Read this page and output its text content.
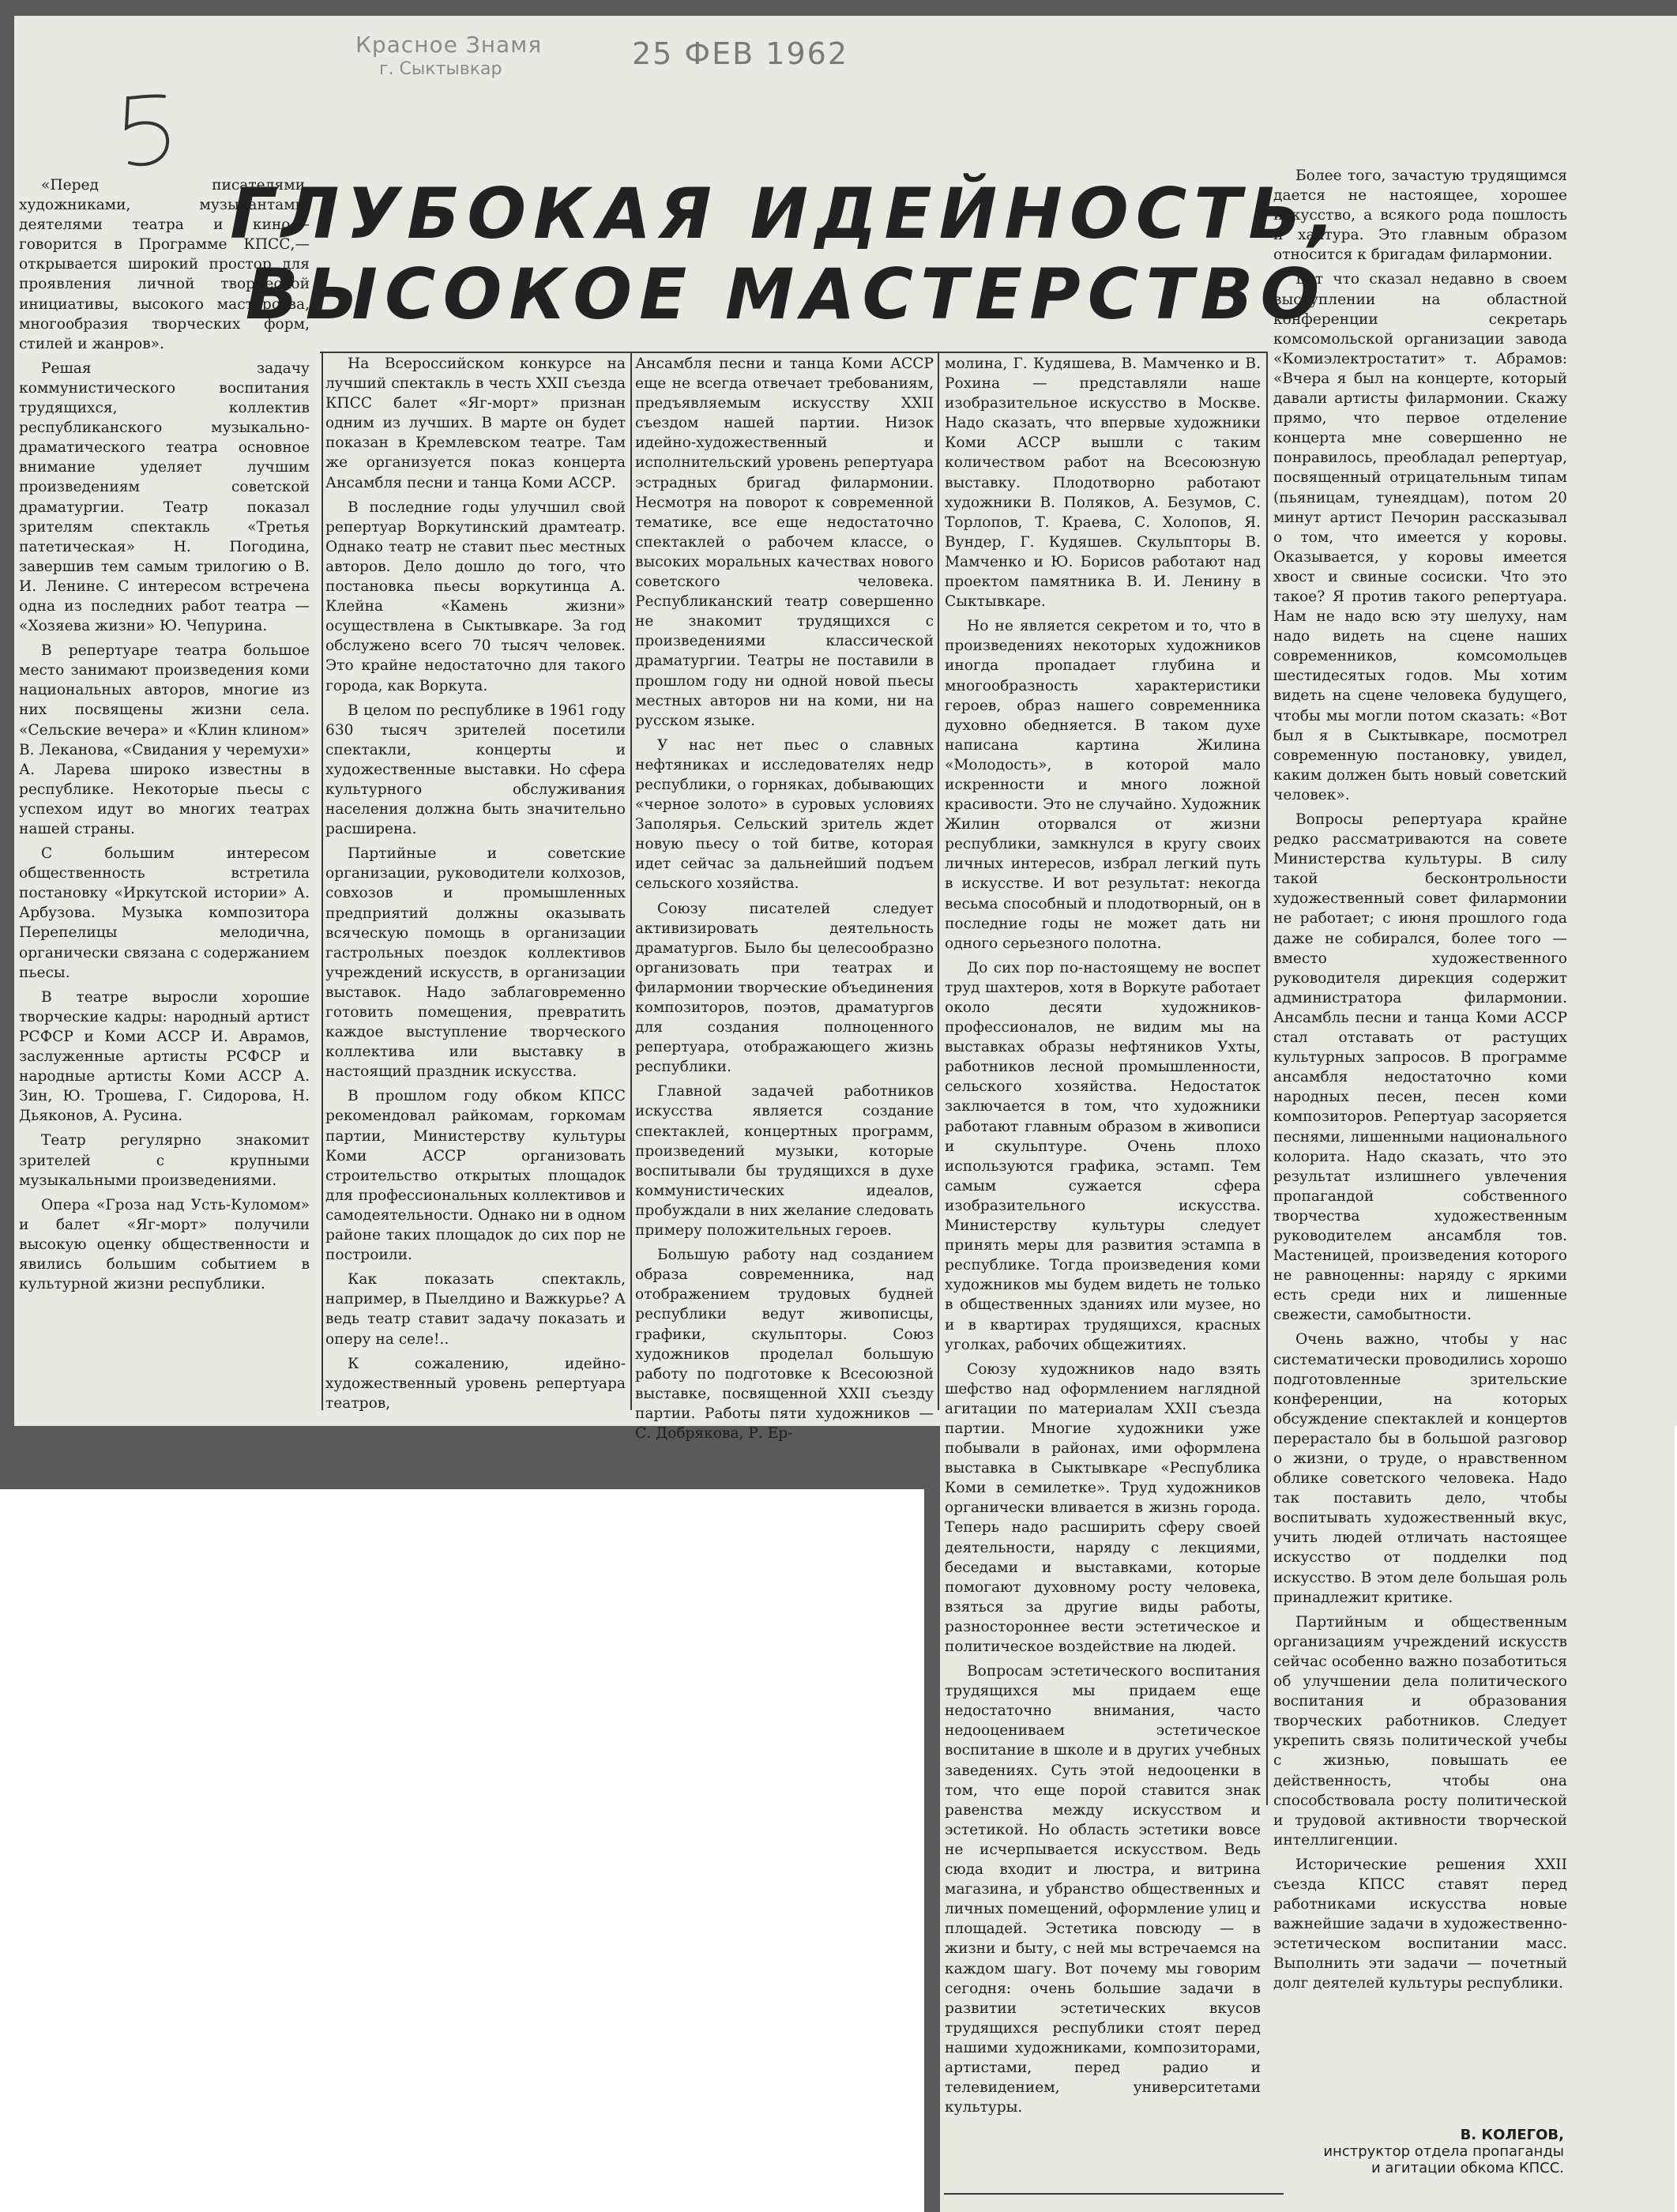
Красное Знамя
г. Сыктывкар	25 ФЕВ 1962
ГЛУБОКАЯ ИДЕЙНОСТЬ,
ВЫСОКОЕ МАСТЕРСТВО

«Перед писателями, художниками, музыкантами, деятелями театра и кино,— говорится в Программе КПСС,— открывается широкий простор для проявления личной творческой инициативы, высокого мастерства, многообразия творческих форм, стилей и жанров».

Решая задачу коммунистического воспитания трудящихся, коллектив республиканского музыкально-драматического театра основное внимание уделяет лучшим произведениям советской драматургии. Театр показал зрителям спектакль «Третья патетическая» Н. Погодина, завершив тем самым трилогию о В. И. Ленине. С интересом встречена одна из последних работ театра — «Хозяева жизни» Ю. Чепурина.

В репертуаре театра большое место занимают произведения коми национальных авторов, многие из них посвящены жизни села. «Сельские вечера» и «Клин клином» В. Леканова, «Свидания у черемухи» А. Ларева широко известны в республике. Некоторые пьесы с успехом идут во многих театрах нашей страны.

С большим интересом общественность встретила постановку «Иркутской истории» А. Арбузова. Музыка композитора Перепелицы мелодична, органически связана с содержанием пьесы.

В театре выросли хорошие творческие кадры: народный артист РСФСР и Коми АССР И. Аврамов, заслуженные артисты РСФСР и народные артисты Коми АССР А. Зин, Ю. Трошева, Г. Сидорова, Н. Дьяконов, А. Русина.

Театр регулярно знакомит зрителей с крупными музыкальными произведениями.

Опера «Гроза над Усть-Куломом» и балет «Яг-морт» получили высокую оценку общественности и явились большим событием в культурной жизни республики.

На Всероссийском конкурсе на лучший спектакль в честь XXII съезда КПСС балет «Яг-морт» признан одним из лучших. В марте он будет показан в Кремлевском театре. Там же организуется показ концерта Ансамбля песни и танца Коми АССР.

В последние годы улучшил свой репертуар Воркутинский драмтеатр. Однако театр не ставит пьес местных авторов. Дело дошло до того, что постановка пьесы воркутинца А. Клейна «Камень жизни» осуществлена в Сыктывкаре. За год обслужено всего 70 тысяч человек. Это крайне недостаточно для такого города, как Воркута.

В целом по республике в 1961 году 630 тысяч зрителей посетили спектакли, концерты и художественные выставки. Но сфера культурного обслуживания населения должна быть значительно расширена.

Партийные и советские организации, руководители колхозов, совхозов и промышленных предприятий должны оказывать всяческую помощь в организации гастрольных поездок коллективов учреждений искусств, в организации выставок. Надо заблаговременно готовить помещения, превратить каждое выступление творческого коллектива или выставку в настоящий праздник искусства.

В прошлом году обком КПСС рекомендовал райкомам, горкомам партии, Министерству культуры Коми АССР организовать строительство открытых площадок для профессиональных коллективов и самодеятельности. Однако ни в одном районе таких площадок до сих пор не построили.

Как показать спектакль, например, в Пыелдино и Важкурье? А ведь театр ставит задачу показать и оперу на селе!..

К сожалению, идейно-художественный уровень репертуара театров,

Ансамбля песни и танца Коми АССР еще не всегда отвечает требованиям, предъявляемым искусству XXII съездом нашей партии. Низок идейно-художественный и исполнительский уровень репертуара эстрадных бригад филармонии. Несмотря на поворот к современной тематике, все еще недостаточно спектаклей о рабочем классе, о высоких моральных качествах нового советского человека. Республиканский театр совершенно не знакомит трудящихся с произведениями классической драматургии. Театры не поставили в прошлом году ни одной новой пьесы местных авторов ни на коми, ни на русском языке.

У нас нет пьес о славных нефтяниках и исследователях недр республики, о горняках, добывающих «черное золото» в суровых условиях Заполярья. Сельский зритель ждет новую пьесу о той битве, которая идет сейчас за дальнейший подъем сельского хозяйства.

Союзу писателей следует активизировать деятельность драматургов. Было бы целесообразно организовать при театрах и филармонии творческие объединения композиторов, поэтов, драматургов для создания полноценного репертуара, отображающего жизнь республики.

Главной задачей работников искусства является создание спектаклей, концертных программ, произведений музыки, которые воспитывали бы трудящихся в духе коммунистических идеалов, пробуждали в них желание следовать примеру положительных героев.

Большую работу над созданием образа современника, над отображением трудовых будней республики ведут живописцы, графики, скульпторы. Союз художников проделал большую работу по подготовке к Всесоюзной выставке, посвященной XXII съезду партии. Работы пяти художников — С. Добрякова, Р. Ер-

молина, Г. Кудяшева, В. Мамченко и В. Рохина — представляли наше изобразительное искусство в Москве. Надо сказать, что впервые художники Коми АССР вышли с таким количеством работ на Всесоюзную выставку. Плодотворно работают художники В. Поляков, А. Безумов, С. Торлопов, Т. Краева, С. Холопов, Я. Вундер, Г. Кудяшев. Скульпторы В. Мамченко и Ю. Борисов работают над проектом памятника В. И. Ленину в Сыктывкаре.

Но не является секретом и то, что в произведениях некоторых художников иногда пропадает глубина и многообразность характеристики героев, образ нашего современника духовно обедняется. В таком духе написана картина Жилина «Молодость», в которой мало искренности и много ложной красивости. Это не случайно. Художник Жилин оторвался от жизни республики, замкнулся в кругу своих личных интересов, избрал легкий путь в искусстве. И вот результат: некогда весьма способный и плодотворный, он в последние годы не может дать ни одного серьезного полотна.

До сих пор по-настоящему не воспет труд шахтеров, хотя в Воркуте работает около десяти художников-профессионалов, не видим мы на выставках образы нефтяников Ухты, работников лесной промышленности, сельского хозяйства. Недостаток заключается в том, что художники работают главным образом в живописи и скульптуре. Очень плохо используются графика, эстамп. Тем самым сужается сфера изобразительного искусства. Министерству культуры следует принять меры для развития эстампа в республике. Тогда произведения коми художников мы будем видеть не только в общественных зданиях или музее, но и в квартирах трудящихся, красных уголках, рабочих общежитиях.

Союзу художников надо взять шефство над оформлением наглядной агитации по материалам XXII съезда партии. Многие художники уже побывали в районах, ими оформлена выставка в Сыктывкаре «Республика Коми в семилетке». Труд художников органически вливается в жизнь города. Теперь надо расширить сферу своей деятельности, наряду с лекциями, беседами и выставками, которые помогают духовному росту человека, взяться за другие виды работы, разностороннее вести эстетическое и политическое воздействие на людей.

Вопросам эстетического воспитания трудящихся мы придаем еще недостаточно внимания, часто недооцениваем эстетическое воспитание в школе и в других учебных заведениях. Суть этой недооценки в том, что еще порой ставится знак равенства между искусством и эстетикой. Но область эстетики вовсе не исчерпывается искусством. Ведь сюда входит и люстра, и витрина магазина, и убранство общественных и личных помещений, оформление улиц и площадей. Эстетика повсюду — в жизни и быту, с ней мы встречаемся на каждом шагу. Вот почему мы говорим сегодня: очень большие задачи в развитии эстетических вкусов трудящихся республики стоят перед нашими художниками, композиторами, артистами, перед радио и телевидением, университетами культуры.

Более того, зачастую трудящимся дается не настоящее, хорошее искусство, а всякого рода пошлость и халтура. Это главным образом относится к бригадам филармонии.

Вот что сказал недавно в своем выступлении на областной конференции секретарь комсомольской организации завода «Комиэлектростатит» т. Абрамов: «Вчера я был на концерте, который давали артисты филармонии. Скажу прямо, что первое отделение концерта мне совершенно не понравилось, преобладал репертуар, посвященный отрицательным типам (пьяницам, тунеядцам), потом 20 минут артист Печорин рассказывал о том, что имеется у коровы. Оказывается, у коровы имеется хвост и свиные сосиски. Что это такое? Я против такого репертуара. Нам не надо всю эту шелуху, нам надо видеть на сцене наших современников, комсомольцев шестидесятых годов. Мы хотим видеть на сцене человека будущего, чтобы мы могли потом сказать: «Вот был я в Сыктывкаре, посмотрел современную постановку, увидел, каким должен быть новый советский человек».

Вопросы репертуара крайне редко рассматриваются на совете Министерства культуры. В силу такой бесконтрольности художественный совет филармонии не работает; с июня прошлого года даже не собирался, более того — вместо художественного руководителя дирекция содержит администратора филармонии. Ансамбль песни и танца Коми АССР стал отставать от растущих культурных запросов. В программе ансамбля недостаточно коми народных песен, песен коми композиторов. Репертуар засоряется песнями, лишенными национального колорита. Надо сказать, что это результат излишнего увлечения пропагандой собственного творчества художественным руководителем ансамбля тов. Мастеницей, произведения которого не равноценны: наряду с яркими есть среди них и лишенные свежести, самобытности.

Очень важно, чтобы у нас систематически проводились хорошо подготовленные зрительские конференции, на которых обсуждение спектаклей и концертов перерастало бы в большой разговор о жизни, о труде, о нравственном облике советского человека. Надо так поставить дело, чтобы воспитывать художественный вкус, учить людей отличать настоящее искусство от подделки под искусство. В этом деле большая роль принадлежит критике.

Партийным и общественным организациям учреждений искусств сейчас особенно важно позаботиться об улучшении дела политического воспитания и образования творческих работников. Следует укрепить связь политической учебы с жизнью, повышать ее действенность, чтобы она способствовала росту политической и трудовой активности творческой интеллигенции.

Исторические решения XXII съезда КПСС ставят перед работниками искусства новые важнейшие задачи в художественно-эстетическом воспитании масс. Выполнить эти задачи — почетный долг деятелей культуры республики.

В. КОЛЕГОВ,
инструктор отдела пропаганды
и агитации обкома КПСС.
